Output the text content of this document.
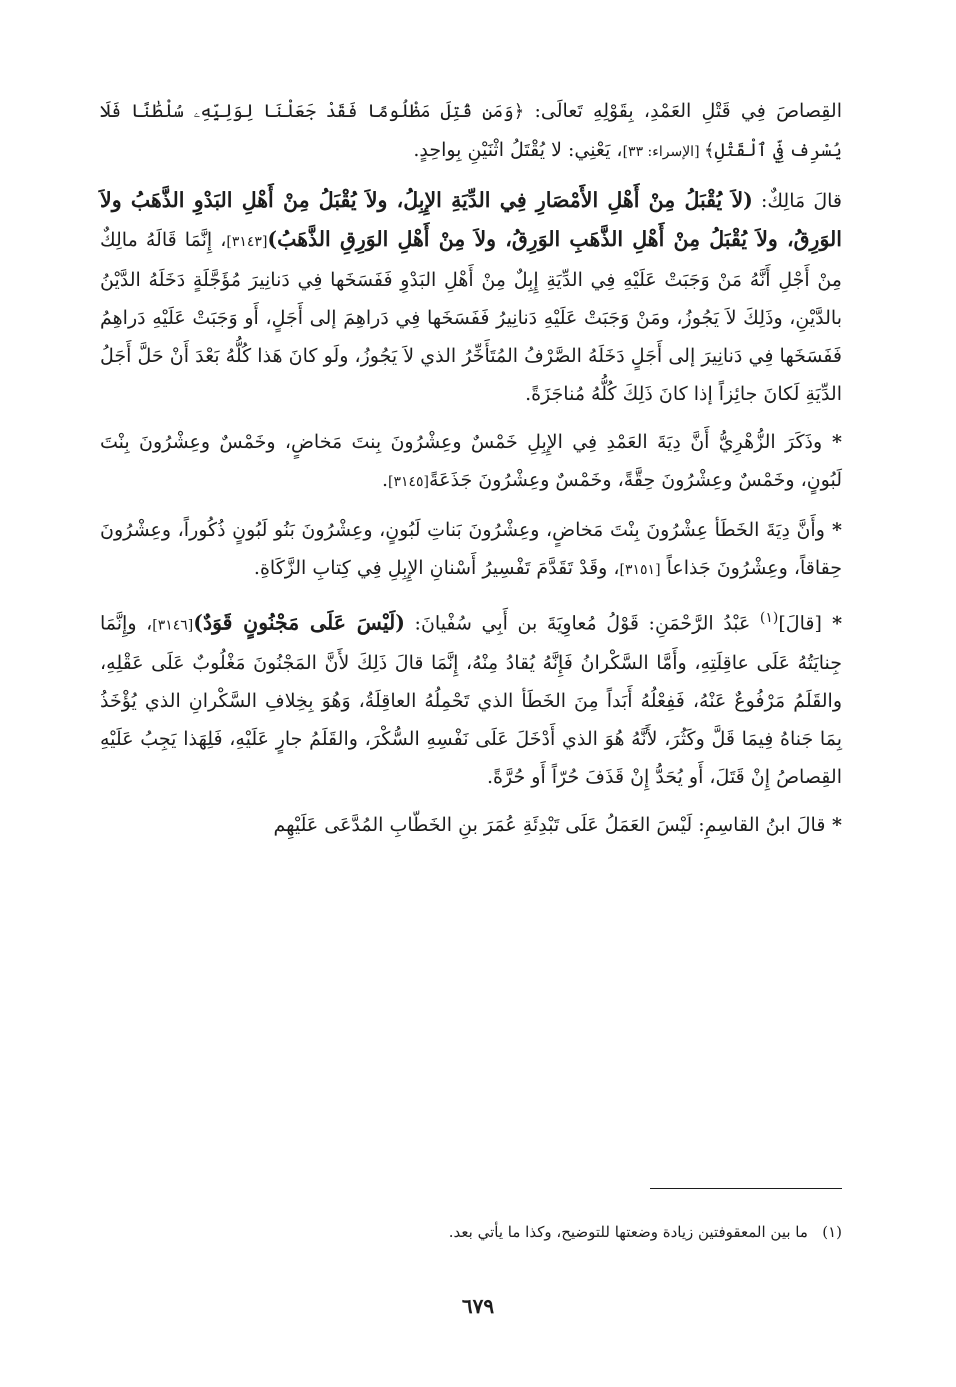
القِصاصَ فِي قَتْلِ العَمْدِ، بِقَوْلِهِ تَعالَى: ﴿وَمَن قُتِلَ مَظْلُومًا فَقَدْ جَعَلْنَا لِوَلِيِّهِۦ سُلْطَٰنًا فَلَا يُسْرِف فِّي ٱلْقَتْلِ﴾ [الإسراء: ٣٣]، يَعْنِي: لا يُقْتَلُ اثْنَيْنِ بِواحِدٍ.

قالَ مَالِكٌ: (لاَ يُقْبَلُ مِنْ أَهْلِ الأَمْصَارِ فِي الدِّيَةِ الإِبِلُ، ولاَ يُقْبَلُ مِنْ أَهْلِ البَدْوِ الذَّهَبُ ولاَ الوَرِقُ، ولاَ يُقْبَلُ مِنْ أَهْلِ الذَّهَبِ الوَرِقُ، ولاَ مِنْ أَهْلِ الوَرِقِ الذَّهَبُ)[٣١٤٣]، إِنَّمَا قَالَهُ مالِكٌ مِنْ أَجْلِ أَنَّهُ مَنْ وَجَبَتْ عَلَيْهِ فِي الدِّيَةِ إِبِلٌ مِنْ أَهْلِ البَدْوِ فَفَسَخَها فِي دَنانِيرَ مُؤَجَّلَةٍ دَخَلَهُ الدَّيْنُ بالدَّيْنِ، وذَلِكَ لاَ يَجُوزُ، ومَنْ وَجَبَتْ عَلَيْهِ دَنانِيرُ فَفَسَخَها فِي دَراهِمَ إلى أَجَلٍ، أَو وَجَبَتْ عَلَيْهِ دَراهِمُ فَفَسَخَها فِي دَنانِيرَ إلى أَجَلٍ دَخَلَهُ الصَّرْفُ المُتَأَخِّرُ الذي لاَ يَجُوزُ، ولَو كانَ هَذا كُلُّهُ بَعْدَ أَنْ حَلَّ أَجَلُ الدِّيَةِ لَكانَ جائِزاً إذا كانَ ذَلِكَ كُلُّهُ مُناجَزَةً.

* وذَكَرَ الزُّهْرِيُّ أَنَّ دِيَةَ العَمْدِ فِي الإِبِلِ خَمْسٌ وعِشْرُونَ بِنتَ مَخاضٍ، وخَمْسٌ وعِشْرُونَ بِنْتَ لَبُونٍ، وخَمْسٌ وعِشْرُونَ حِقَّةً، وخَمْسٌ وعِشْرُونَ جَذَعَةً[٣١٤٥].

* وأَنَّ دِيَةَ الخَطَأ عِشْرُونَ بِنْتَ مَخاضٍ، وعِشْرُونَ بَناتِ لَبُونٍ، وعِشْرُونَ بَنُو لَبُونٍ ذُكُوراً، وعِشْرُونَ حِقاقاً، وعِشْرُونَ جَذاعاً [٣١٥١]، وقَدْ تَقَدَّمَ تَفْسِيرُ أَسْنانِ الإِبِلِ فِي كِتابِ الزَّكَاةِ.

* [قالَ]$^{(١)}$ عَبْدُ الرَّحْمَنِ: قَوْلُ مُعاوِيَةَ بن أَبِي سُفْيانَ: (لَيْسَ عَلَى مَجْنُونٍ قَوَدٌ)[٣١٤٦]، وإِنَّمَا جِنايَتُهُ عَلَى عاقِلَتِهِ، وأَمَّا السَّكْرانُ فَإِنَّهُ يُقادُ مِنْهُ، إِنَّمَا قالَ ذَلِكَ لأَنَّ المَجْنُونَ مَغْلُوبٌ عَلَى عَقْلِهِ، والقَلَمُ مَرْفُوعٌ عَنْهُ، فَفِعْلُهُ أَبَداً مِنَ الخَطَأ الذي تَحْمِلُهُ العاقِلَةُ، وَهُوَ بِخِلافِ السَّكْرانِ الذي يُؤْخَذُ بِمَا جَناهُ فِيمَا قَلَّ وكَثُرَ، لأَنَّهُ هُوَ الذي أَدْخَلَ عَلَى نَفْسِهِ السُّكْرَ، والقَلَمُ جارٍ عَلَيْهِ، فَلِهَذا يَجِبُ عَلَيْهِ القِصاصُ إِنْ قَتَلَ، أَو يُحَدُّ إِنْ قَذَفَ حُرّاً أَو حُرَّةً.

* قالَ ابنُ القاسِمِ: لَيْسَ العَمَلُ عَلَى تَبْدِئَةِ عُمَرَ بنِ الخَطّابِ المُدَّعَى عَلَيْهِم

(١)   ما بين المعقوفتين زيادة وضعتها للتوضيح، وكذا ما يأتي بعد.
٦٧٩
